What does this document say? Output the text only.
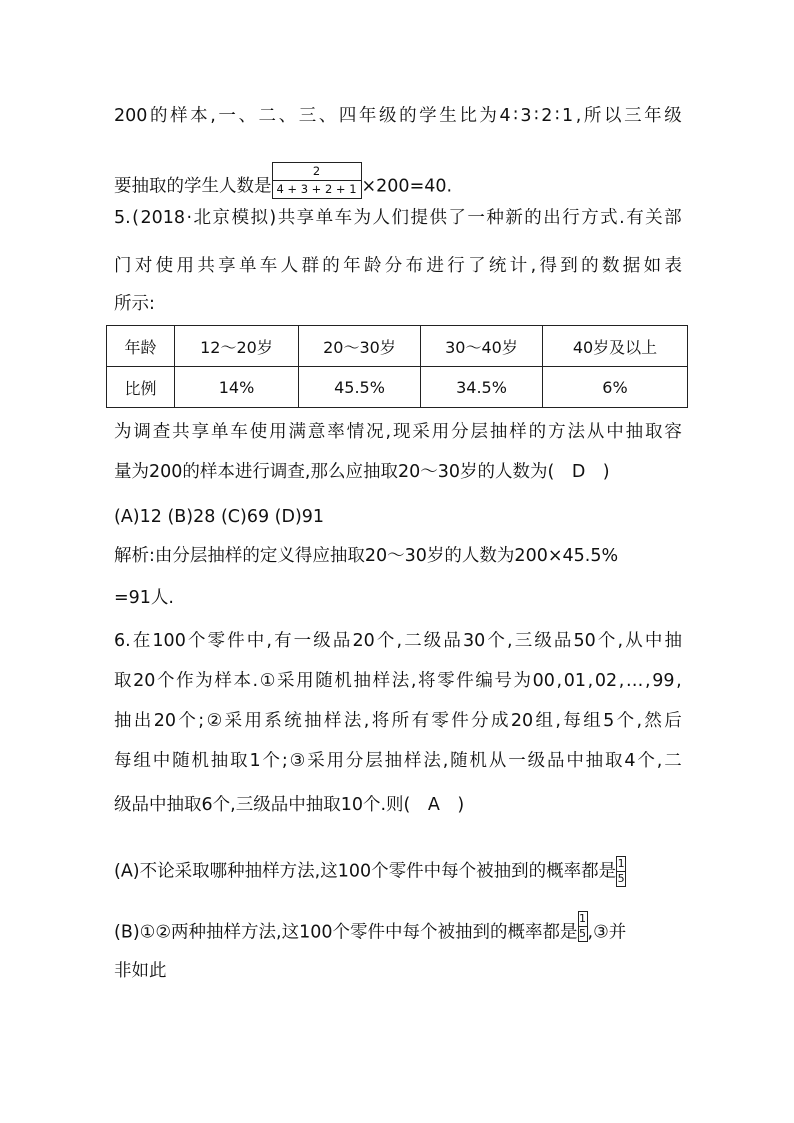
200 的 样 本 , 一 、 二 、 三 、 四 年 级 的 学 生 比 为 4 ∶ 3 ∶ 2 ∶ 1 , 所 以 三 年 级
要抽取的学生人数是 $\frac{2}{4 + 3 + 2 + 1} \times 200=40$.
5. ( 2018 · 北 京 模 拟 ) 共 享 单 车 为 人 们 提 供 了 一 种 新 的 出 行 方 式 . 有 关 部
门 对 使 用 共 享 单 车 人 群 的 年 龄 分 布 进 行 了 统 计 , 得 到 的 数 据 如 表
所示:
年龄	12～20岁	20～30岁	30～40岁	40岁及以上
比例	14%	45.5%	34.5%	6%
为 调 查 共 享 单 车 使 用 满 意 率 情 况 , 现 采 用 分 层 抽 样 的 方 法 从 中 抽 取 容
量为200的样本进行调查,那么应抽取20～30岁的人数为(　D　)
(A)12 (B)28 (C)69 (D)91
解析:由分层抽样的定义得应抽取20～30岁的人数为200×45.5%
=91人.
6. 在 100 个 零 件 中 , 有 一 级 品 20 个 , 二 级 品 30 个 , 三 级 品 50 个 , 从 中 抽
取 20 个 作 为 样 本 . ① 采 用 随 机 抽 样 法 , 将 零 件 编 号 为 00 , 01 , 02 , … , 99 ,
抽 出 20 个 ; ② 采 用 系 统 抽 样 法 , 将 所 有 零 件 分 成 20 组 , 每 组 5 个 , 然 后
每 组 中 随 机 抽 取 1 个 ; ③ 采 用 分 层 抽 样 法 , 随 机 从 一 级 品 中 抽 取 4 个 , 二
级品中抽取6个,三级品中抽取10个.则(　A　)
(A)不论采取哪种抽样方法,这100个零件中每个被抽到的概率都是 $\frac{1}{5}$
(B)①②两种抽样方法,这100个零件中每个被抽到的概率都是 $\frac{1}{5}$ ,③并
非如此
